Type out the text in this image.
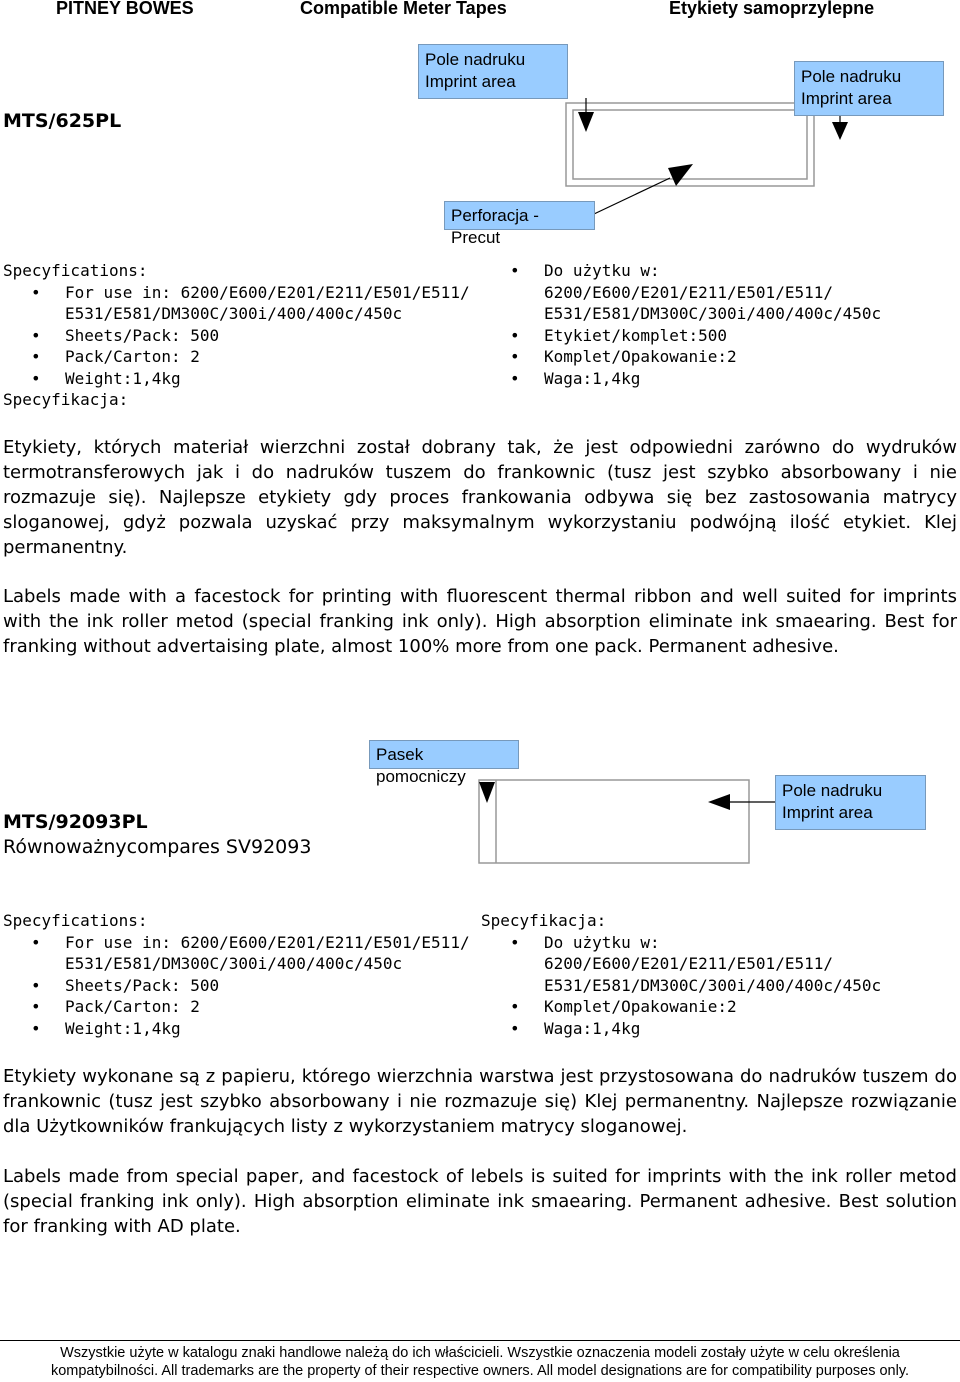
PITNEY BOWES	Compatible Meter Tapes	Etykiety samoprzylepne
MTS/625PL
Pole nadruku
Imprint area	Pole nadruku
Imprint area
Perforacja - Precut
Specyfications:
• For use in: 6200/E600/E201/E211/E501/E511/
E531/E581/DM300C/300i/400/400c/450c
• Sheets/Pack: 500
• Pack/Carton: 2
• Weight:1,4kg
Specyfikacja:
• Do użytku w:
6200/E600/E201/E211/E501/E511/
E531/E581/DM300C/300i/400/400c/450c
• Etykiet/komplet:500
• Komplet/Opakowanie:2
• Waga:1,4kg
Etykiety, których materiał wierzchni został dobrany tak, że jest odpowiedni zarówno do wydruków termotransferowych jak i do nadruków tuszem do frankownic (tusz jest szybko absorbowany i nie rozmazuje się). Najlepsze etykiety gdy proces frankowania odbywa się bez zastosowania matrycy sloganowej, gdyż pozwala uzyskać przy maksymalnym wykorzystaniu podwójną ilość etykiet. Klej permanentny.
Labels made with a facestock for printing with fluorescent thermal ribbon and well suited for imprints with the ink roller metod (special franking ink only). High absorption eliminate ink smaearing. Best for franking without advertaising plate, almost 100% more from one pack. Permanent adhesive.
Pasek pomocniczy
Pole nadruku
Imprint area
MTS/92093PL
Równoważnycompares SV92093
Specyfications:
• For use in: 6200/E600/E201/E211/E501/E511/
E531/E581/DM300C/300i/400/400c/450c
• Sheets/Pack: 500
• Pack/Carton: 2
• Weight:1,4kg
Specyfikacja:
• Do użytku w:
6200/E600/E201/E211/E501/E511/
E531/E581/DM300C/300i/400/400c/450c
• Komplet/Opakowanie:2
• Waga:1,4kg
Etykiety wykonane są z papieru, którego wierzchnia warstwa jest przystosowana do nadruków tuszem do frankownic (tusz jest szybko absorbowany i nie rozmazuje się) Klej permanentny. Najlepsze rozwiązanie dla Użytkowników frankujących listy z wykorzystaniem matrycy sloganowej.
Labels made from special paper, and facestock of lebels is suited for imprints with the ink roller metod (special franking ink only). High absorption eliminate ink smaearing. Permanent adhesive. Best solution for franking with AD plate.
Wszystkie użyte w katalogu znaki handlowe należą do ich właścicieli. Wszystkie oznaczenia modeli zostały użyte w celu określenia
kompatybilności. All trademarks are the property of their respective owners. All model designations are for compatibility purposes only.
